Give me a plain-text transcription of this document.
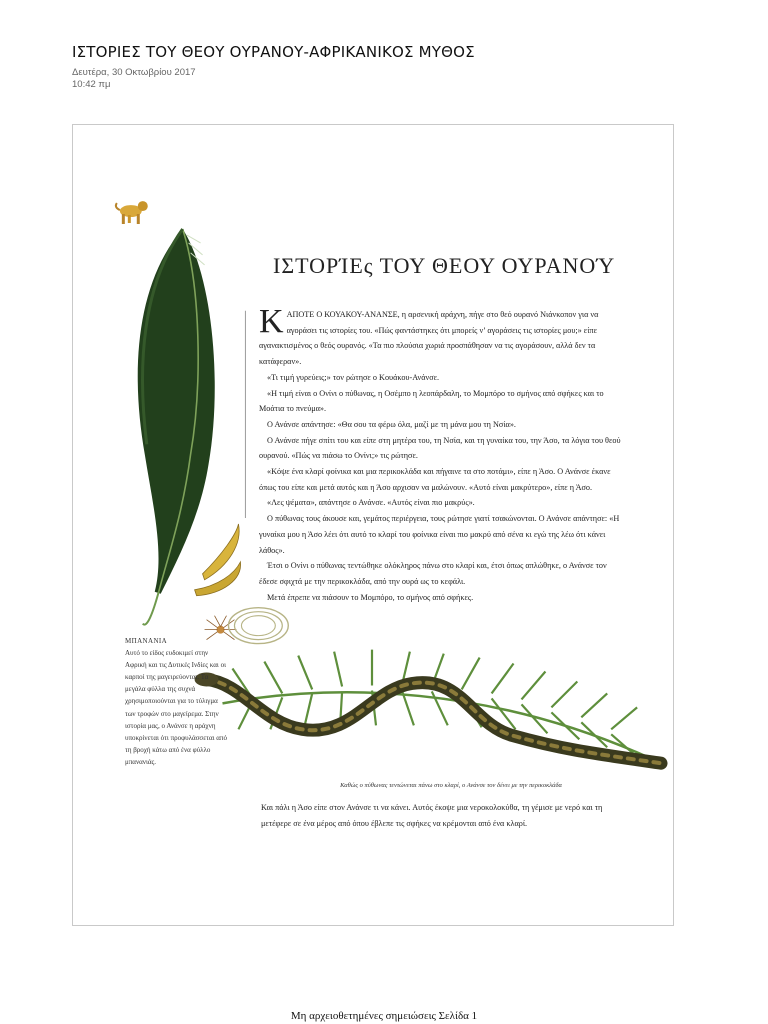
ΙΣΤΟΡΙΕΣ ΤΟΥ ΘΕΟΥ ΟΥΡΑΝΟΥ-ΑΦΡΙΚΑΝΙΚΟΣ ΜΥΘΟΣ
Δευτέρα, 30 Οκτωβρίου 2017
10:42 πμ
ΙΣΤΟΡΊΕς ΤΟΥ ΘΕΟΥ ΟΥΡΑΝΟΎ

ΚΑΠΟΤΕ Ο ΚΟΥΑΚΟΥ-ΑΝΑΝΣΕ, η αρσενική αράχνη, πήγε στο θεό ουρανό Νιάνκοπον για να αγοράσει τις ιστορίες του. «Πώς φαντάστηκες ότι μπορείς ν’ αγοράσεις τις ιστορίες μου;» είπε αγανακτισμένος ο θεός ουρανός. «Τα πιο πλούσια χωριά προσπάθησαν να τις αγοράσουν, αλλά δεν τα κατάφεραν».

«Τι τιμή γυρεύεις;» τον ρώτησε ο Κουάκου-Ανάνσε.

«Η τιμή είναι ο Ονίνι ο πύθωνας, η Οσέμπο η λεοπάρδαλη, το Μομπόρο το σμήνος από σφήκες και το Μοάτια το πνεύμα».

Ο Ανάνσε απάντησε: «Θα σου τα φέρω όλα, μαζί με τη μάνα μου τη Νσία».

Ο Ανάνσε πήγε σπίτι του και είπε στη μητέρα του, τη Νσία, και τη γυναίκα του, την Άσο, τα λόγια του θεού ουρανού. «Πώς να πιάσω το Ονίνι;» τις ρώτησε.

«Κόψε ένα κλαρί φοίνικα και μια περικοκλάδα και πήγαινε τα στο ποτάμι», είπε η Άσο. Ο Ανάνσε έκανε όπως του είπε και μετά αυτός και η Άσο αρχισαν να μαλώνουν. «Αυτό είναι μακρύτερο», είπε η Άσο.

«Λες ψέματα», απάντησε ο Ανάνσε. «Αυτός είναι πιο μακρύς».

Ο πύθωνας τους άκουσε και, γεμάτος περιέργεια, τους ρώτησε γιατί τσακώνονται. Ο Ανάνσε απάντησε: «Η γυναίκα μου η Άσο λέει ότι αυτό το κλαρί του φοίνικα είναι πιο μακρύ από σένα κι εγώ της λέω ότι κάνει λάθος».

Έτσι ο Ονίνι ο πύθωνας τεντώθηκε ολόκληρος πάνω στο κλαρί και, έτσι όπως απλώθηκε, ο Ανάνσε τον έδεσε σφιχτά με την περικοκλάδα, από την ουρά ως το κεφάλι.

Μετά έπρεπε να πιάσουν το Μομπόρο, το σμήνος από σφήκες.

ΜΠΑΝΑΝΙΑ
Αυτό το είδος ευδοκιμεί στην Αφρική και τις Δυτικές Ινδίες και οι καρποί της μαγειρεύονται. Τα μεγάλα φύλλα της συχνά χρησιμοποιούνται για το τύλιγμα των τροφών στο μαγείρεμα. Στην ιστορία μας, ο Ανάνσε η αράχνη υποκρίνεται ότι προφυλάσσεται από τη βροχή κάτω από ένα φύλλο μπανανιάς.
Καθώς ο πύθωνας τεντώνεται πάνω στο κλαρί, ο Ανάνσε τον δένει με την περικοκλάδα
Και πάλι η Άσο είπε στον Ανάνσε τι να κάνει. Αυτός έκοψε μια νεροκολοκύθα, τη γέμισε με νερό και τη μετέφερε σε ένα μέρος από όπου έβλεπε τις σφήκες να κρέμονται από ένα κλαρί.
Μη αρχειοθετημένες σημειώσεις Σελίδα 1
